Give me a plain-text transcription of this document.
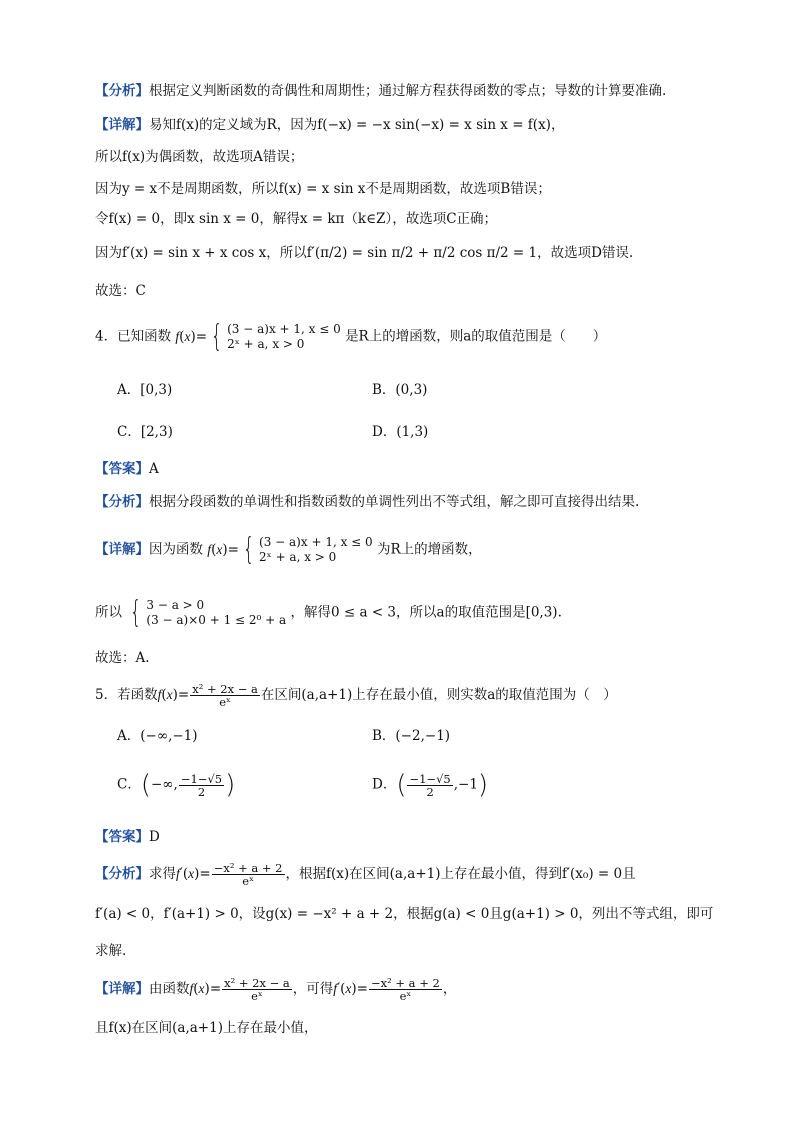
【分析】根据定义判断函数的奇偶性和周期性；通过解方程获得函数的零点；导数的计算要准确.
【详解】易知f(x)的定义域为R，因为f(−x) = −x sin(−x) = x sin x = f(x)，
所以f(x)为偶函数，故选项A错误；
因为y = x不是周期函数，所以f(x) = x sin x不是周期函数，故选项B错误；
令f(x) = 0，即x sin x = 0，解得x = kπ（k∈Z），故选项C正确；
因为f′(x) = sin x + x cos x，所以f′(π/2) = sin π/2 + π/2 cos π/2 = 1，故选项D错误.
故选：C
4．已知函数 f ( x )= { (3 − a)x + 1, x ≤ 0
2ˣ + a, x > 0	是R上的增函数，则a的取值范围是（　　）
A．[0,3)	B．(0,3)
C．[2,3)	D．(1,3)
【答案】A
【分析】根据分段函数的单调性和指数函数的单调性列出不等式组，解之即可直接得出结果.
【详解】因为函数 f ( x )= { (3 − a)x + 1, x ≤ 0
2ˣ + a, x > 0	为R上的增函数，
所以 { 3 − a > 0
(3 − a)×0 + 1 ≤ 2⁰ + a ，解得0 ≤ a < 3，所以a的取值范围是[0,3).
故选：A.
5．若函数$f(x)= \frac{\text{x² + 2x − a}}{\text{eˣ}}$ 在区间(a,a+1)上存在最小值，则实数a的取值范围为（　）
A．(−∞,−1)	B．(−2,−1)
C．(−∞, $\frac{-1-√5}{2}$ )	D．( $\frac{-1-√5}{2} ,-1$)
【答案】D
【分析】求得$f'(x)= \frac{\text{−x² + a + 2}}{\text{eˣ}}$ ，根据f(x)在区间(a,a+1)上存在最小值，得到f′(x₀) = 0且
f′(a) < 0，f′(a+1) > 0，设g(x) = −x² + a + 2，根据g(a) < 0且g(a+1) > 0，列出不等式组，即可
求解.
【详解】由函数$f(x)= \frac{\text{x² + 2x − a}}{\text{eˣ}}$ ，可得$f'(x)= \frac{\text{−x² + a + 2}}{\text{eˣ}}$ ，
且f(x)在区间(a,a+1)上存在最小值，
